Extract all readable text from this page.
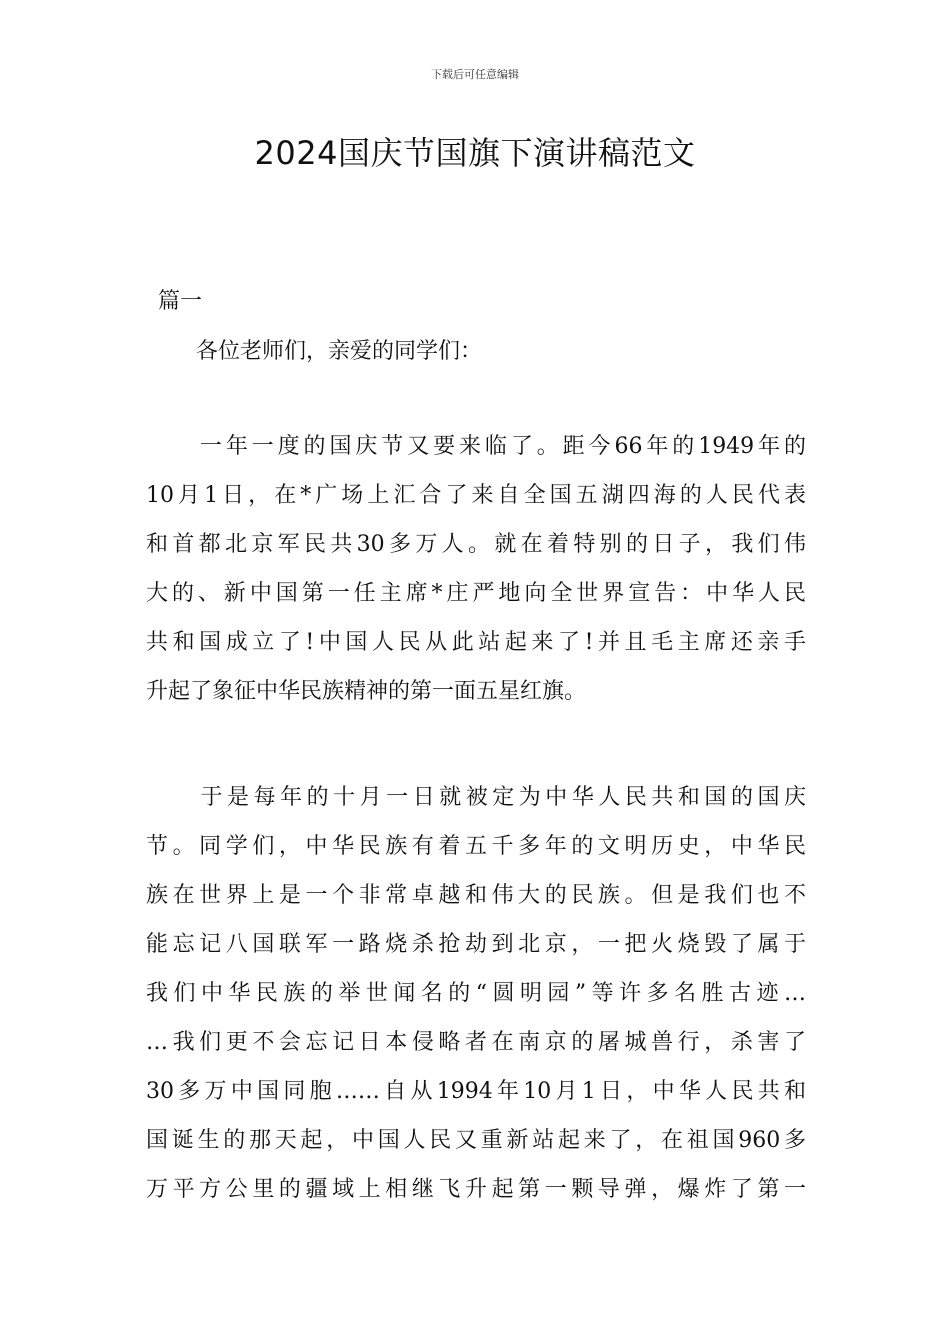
下载后可任意编辑
2024国庆节国旗下演讲稿范文
篇一
各位老师们，亲爱的同学们：
一年一度的国庆节又要来临了。距今66年的1949年的
10月1日，在*广场上汇合了来自全国五湖四海的人民代表
和首都北京军民共30多万人。就在着特别的日子，我们伟
大的、新中国第一任主席*庄严地向全世界宣告：中华人民
共和国成立了!中国人民从此站起来了!并且毛主席还亲手
升起了象征中华民族精神的第一面五星红旗。
于是每年的十月一日就被定为中华人民共和国的国庆
节。同学们，中华民族有着五千多年的文明历史，中华民
族在世界上是一个非常卓越和伟大的民族。但是我们也不
能忘记八国联军一路烧杀抢劫到北京，一把火烧毁了属于
我们中华民族的举世闻名的“圆明园”等许多名胜古迹…
…我们更不会忘记日本侵略者在南京的屠城兽行，杀害了
30多万中国同胞……自从1994年10月1日，中华人民共和
国诞生的那天起，中国人民又重新站起来了，在祖国960多
万平方公里的疆域上相继飞升起第一颗导弹，爆炸了第一
